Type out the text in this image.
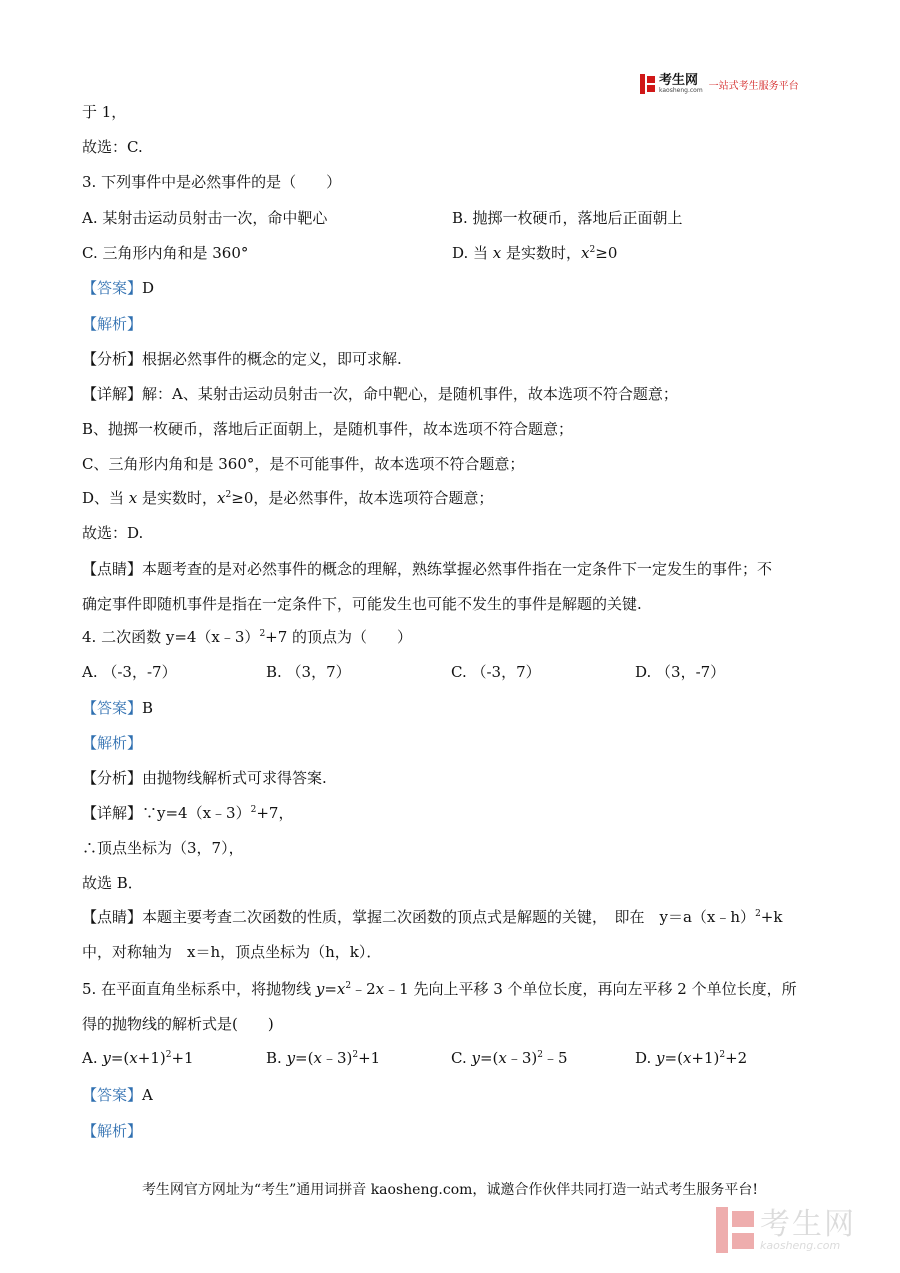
考生网
kaosheng.com 一站式考生服务平台
于 1，
故选：C.
3. 下列事件中是必然事件的是（　　）
A. 某射击运动员射击一次，命中靶心	B. 抛掷一枚硬币，落地后正面朝上
C. 三角形内角和是 360°	D. 当 x 是实数时，$x^2\ge 0$
【答案】D
【解析】
【分析】根据必然事件的概念的定义，即可求解.
【详解】解：A、某射击运动员射击一次，命中靶心，是随机事件，故本选项不符合题意；
B、抛掷一枚硬币，落地后正面朝上，是随机事件，故本选项不符合题意；
C、三角形内角和是 360°，是不可能事件，故本选项不符合题意；
D、当 x 是实数时，$x^2\ge 0$，是必然事件，故本选项符合题意；
故选：D.
【点睛】本题考查的是对必然事件的概念的理解，熟练掌握必然事件指在一定条件下一定发生的事件；不
确定事件即随机事件是指在一定条件下，可能发生也可能不发生的事件是解题的关键.
4. 二次函数 y=4（x﹣3）$^2$+7 的顶点为（　　）
A. （-3，-7）	B. （3，7）	C. （-3，7）	D. （3，-7）
【答案】B
【解析】
【分析】由抛物线解析式可求得答案.
【详解】∵y=4（x﹣3）$^2$+7，
∴顶点坐标为（3，7），
故选 B．
【点睛】本题主要考查二次函数的性质，掌握二次函数的顶点式是解题的关键，　即在　y＝a（x﹣h）$^2$+k
中，对称轴为　x＝h，顶点坐标为（h，k）．
5. 在平面直角坐标系中，将抛物线 $y=x^2﹣2x﹣1$ 先向上平移 3 个单位长度，再向左平移 2 个单位长度，所
得的抛物线的解析式是(　　)
A. $y=(x+1)^2+1$	B. y=(x﹣3)$^2$+1	C. y=(x﹣3)$^2$﹣5	D. $y=(x+1)^2+2$
【答案】A
【解析】
考生网官方网址为“考生”通用词拼音 kaosheng.com，诚邀合作伙伴共同打造一站式考生服务平台!
考生网
kaosheng.com
